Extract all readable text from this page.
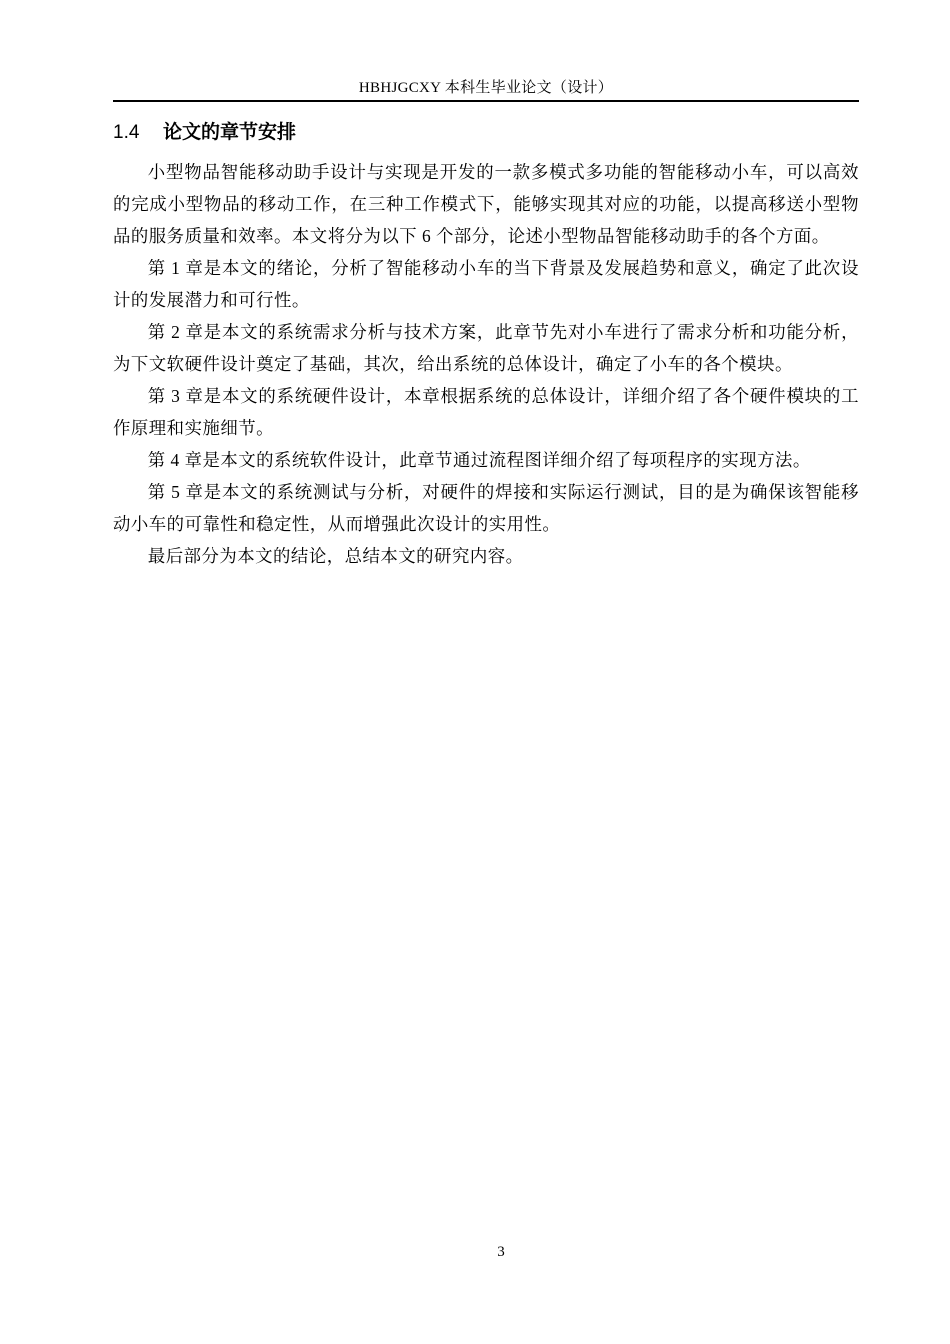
HBHJGCXY 本科生毕业论文（设计）
1.4 论文的章节安排

小型物品智能移动助手设计与实现是开发的一款多模式多功能的智能移动小车，可以高效的完成小型物品的移动工作，在三种工作模式下，能够实现其对应的功能，以提高移送小型物品的服务质量和效率。本文将分为以下 6 个部分，论述小型物品智能移动助手的各个方面。

第 1 章是本文的绪论，分析了智能移动小车的当下背景及发展趋势和意义，确定了此次设计的发展潜力和可行性。

第 2 章是本文的系统需求分析与技术方案，此章节先对小车进行了需求分析和功能分析，为下文软硬件设计奠定了基础，其次，给出系统的总体设计，确定了小车的各个模块。

第 3 章是本文的系统硬件设计，本章根据系统的总体设计，详细介绍了各个硬件模块的工作原理和实施细节。

第 4 章是本文的系统软件设计，此章节通过流程图详细介绍了每项程序的实现方法。

第 5 章是本文的系统测试与分析，对硬件的焊接和实际运行测试，目的是为确保该智能移动小车的可靠性和稳定性，从而增强此次设计的实用性。

最后部分为本文的结论，总结本文的研究内容。

3
